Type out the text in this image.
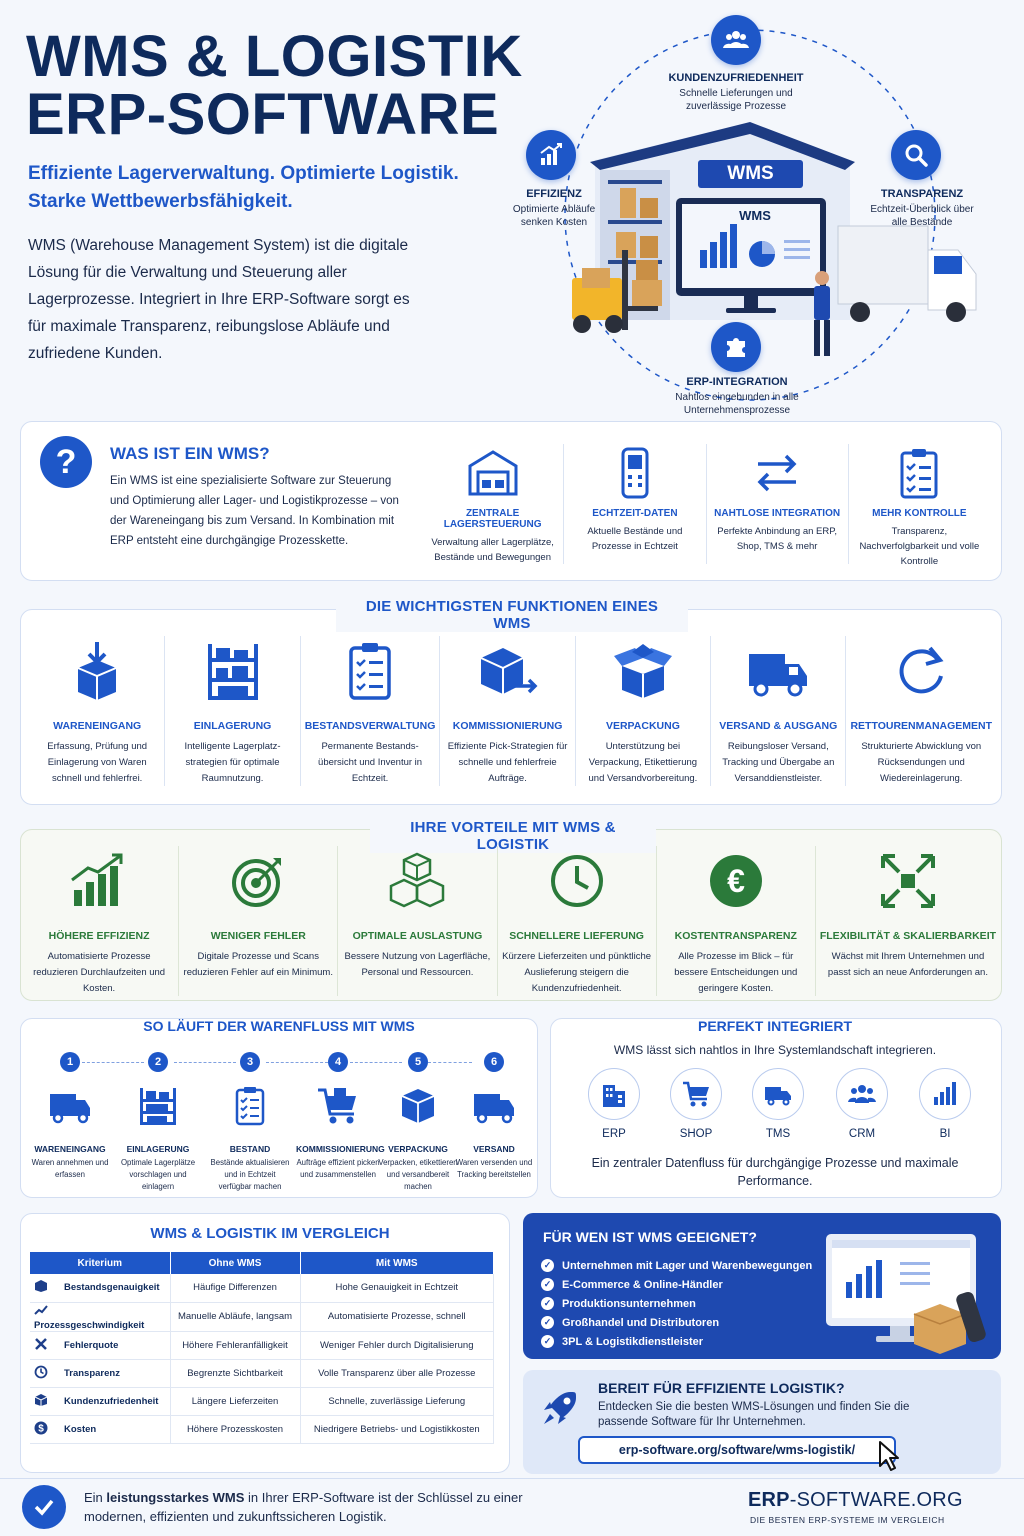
WMS & LOGISTIK
ERP-SOFTWARE
Effiziente Lagerverwaltung. Optimierte Logistik.
Starke Wettbewerbsfähigkeit.
WMS (Warehouse Management System) ist die digitale Lösung für die Verwaltung und Steuerung aller Lagerprozesse. Integriert in Ihre ERP-Software sorgt es für maximale Transparenz, reibungslose Abläufe und zufriedene Kunden.
WMS
WMS
KUNDENZUFRIEDENHEIT
Schnelle Lieferungen und zuverlässige Prozesse
EFFIZIENZ
Optimierte Abläufe senken Kosten
TRANSPARENZ
Echtzeit-Überblick über alle Bestände
ERP-INTEGRATION
Nahtlos eingebunden in alle Unternehmensprozesse
?	WAS IST EIN WMS?
Ein WMS ist eine spezialisierte Software zur Steuerung und Optimierung aller Lager- und Logistikprozesse – von der Wareneingang bis zum Versand. In Kombination mit ERP entsteht eine durchgängige Prozesskette.
ZENTRALE LAGERSTEUERUNG
Verwaltung aller Lagerplätze, Bestände und Bewegungen
ECHTZEIT-DATEN
Aktuelle Bestände und Prozesse in Echtzeit
NAHTLOSE INTEGRATION
Perfekte Anbindung an ERP, Shop, TMS & mehr
MEHR KONTROLLE
Transparenz, Nachverfolgbarkeit und volle Kontrolle
DIE WICHTIGSTEN FUNKTIONEN EINES WMS
WARENEINGANG
Erfassung, Prüfung und Einlagerung von Waren schnell und fehlerfrei.
EINLAGERUNG
Intelligente Lagerplatz-strategien für optimale Raumnutzung.
BESTANDSVERWALTUNG
Permanente Bestands-übersicht und Inventur in Echtzeit.
KOMMISSIONIERUNG
Effiziente Pick-Strategien für schnelle und fehlerfreie Aufträge.
VERPACKUNG
Unterstützung bei Verpackung, Etikettierung und Versandvorbereitung.
VERSAND & AUSGANG
Reibungsloser Versand, Tracking und Übergabe an Versanddienstleister.
RETTOURENMANAGEMENT
Strukturierte Abwicklung von Rücksendungen und Wiedereinlagerung.
IHRE VORTEILE MIT WMS & LOGISTIK
HÖHERE EFFIZIENZ
Automatisierte Prozesse reduzieren Durchlaufzeiten und Kosten.
WENIGER FEHLER
Digitale Prozesse und Scans reduzieren Fehler auf ein Minimum.
OPTIMALE AUSLASTUNG
Bessere Nutzung von Lagerfläche, Personal und Ressourcen.
SCHNELLERE LIEFERUNG
Kürzere Lieferzeiten und pünktliche Auslieferung steigern die Kundenzufriedenheit.
€
KOSTENTRANSPARENZ
Alle Prozesse im Blick – für bessere Entscheidungen und geringere Kosten.
FLEXIBILITÄT & SKALIERBARKEIT
Wächst mit Ihrem Unternehmen und passt sich an neue Anforderungen an.
SO LÄUFT DER WARENFLUSS MIT WMS
1
WARENEINGANG
Waren annehmen und erfassen
2
EINLAGERUNG
Optimale Lagerplätze vorschlagen und einlagern
3
BESTAND
Bestände aktualisieren und in Echtzeit verfügbar machen
4
KOMMISSIONIERUNG
Aufträge effizient picken und zusammenstellen
5
VERPACKUNG
Verpacken, etikettieren und versandbereit machen
6
VERSAND
Waren versenden und Tracking bereitstellen
PERFEKT INTEGRIERT
WMS lässt sich nahtlos in Ihre Systemlandschaft integrieren.
ERP	SHOP	TMS	CRM	BI
Ein zentraler Datenfluss für durchgängige Prozesse und maximale Performance.
WMS & LOGISTIK IM VERGLEICH
Kriterium	Ohne WMS	Mit WMS
Bestandsgenauigkeit	Häufige Differenzen	Hohe Genauigkeit in Echtzeit
Prozessgeschwindigkeit	Manuelle Abläufe, langsam	Automatisierte Prozesse, schnell
Fehlerquote	Höhere Fehleranfälligkeit	Weniger Fehler durch Digitalisierung
Transparenz	Begrenzte Sichtbarkeit	Volle Transparenz über alle Prozesse
Kundenzufriedenheit	Längere Lieferzeiten	Schnelle, zuverlässige Lieferung

$ Kosten	Höhere Prozesskosten	Niedrigere Betriebs- und Logistikkosten
FÜR WEN IST WMS GEEIGNET?
✓ Unternehmen mit Lager und Warenbewegungen
✓ E-Commerce & Online-Händler
✓ Produktionsunternehmen
✓ Großhandel und Distributoren
✓ 3PL & Logistikdienstleister
BEREIT FÜR EFFIZIENTE LOGISTIK?
Entdecken Sie die besten WMS-Lösungen und finden Sie die passende Software für Ihr Unternehmen.
erp-software.org/software/wms-logistik/
Ein leistungsstarkes WMS in Ihrer ERP-Software ist der Schlüssel zu einer modernen, effizienten und zukunftssicheren Logistik.
ERP-SOFTWARE.ORG
DIE BESTEN ERP-SYSTEME IM VERGLEICH
